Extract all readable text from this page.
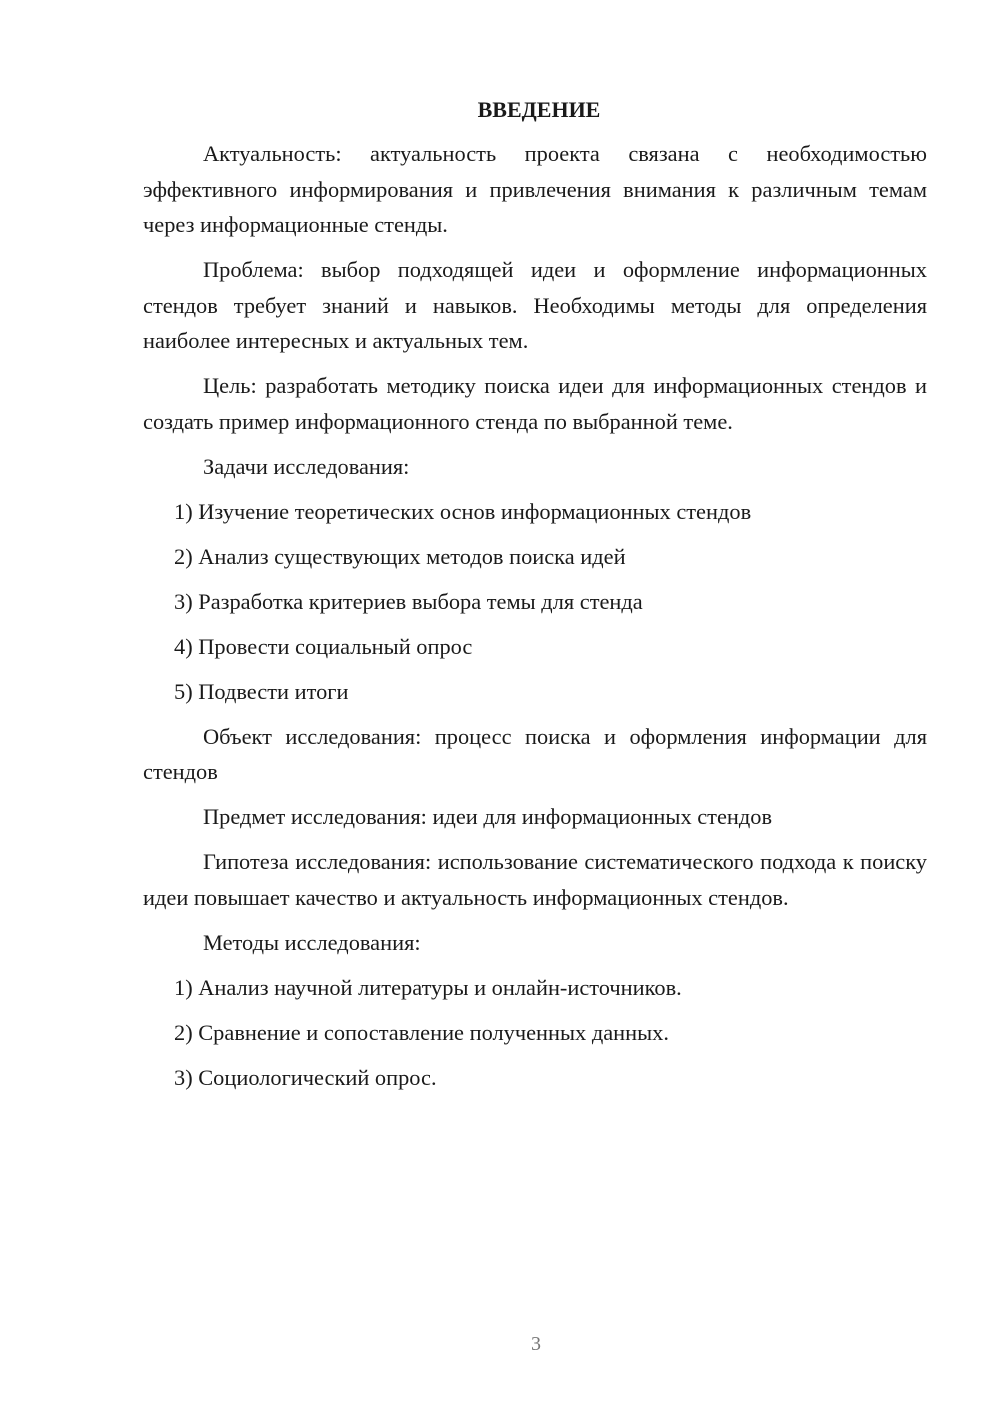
ВВЕДЕНИЕ

Актуальность: актуальность проекта связана с необходимостью эффективного информирования и привлечения внимания к различным темам через информационные стенды.

Проблема: выбор подходящей идеи и оформление информационных стендов требует знаний и навыков. Необходимы методы для определения наиболее интересных и актуальных тем.

Цель: разработать методику поиска идеи для информационных стендов и создать пример информационного стенда по выбранной теме.

Задачи исследования:

1) Изучение теоретических основ информационных стендов
2) Анализ существующих методов поиска идей
3) Разработка критериев выбора темы для стенда
4) Провести социальный опрос
5) Подвести итоги

Объект исследования: процесс поиска и оформления информации для стендов

Предмет исследования: идеи для информационных стендов

Гипотеза исследования: использование систематического подхода к поиску идеи повышает качество и актуальность информационных стендов.

Методы исследования:

1) Анализ научной литературы и онлайн-источников.
2) Сравнение и сопоставление полученных данных.
3) Социологический опрос.
3
